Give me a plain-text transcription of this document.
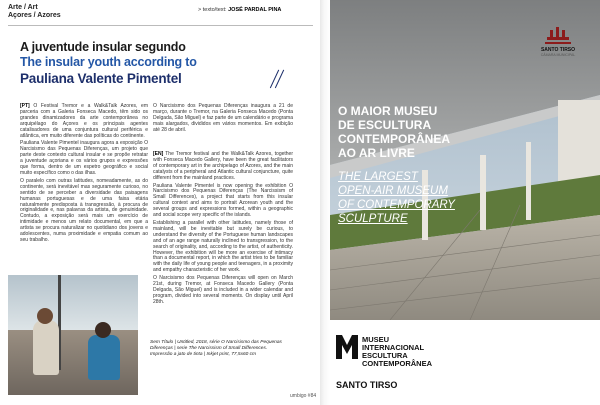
Arte / Art
Açores / Azores
> texto/text: JOSÉ PARDAL PINA
A juventude insular segundo
The insular youth according to
Pauliana Valente Pimentel

[PT] O Festival Tremor e a Walk&Talk Azores, em parceria com a Galeria Fonseca Macedo, têm sido os grandes dinamizadores da arte contemporânea no arquipélago do Açores e os principais agentes catalisadores de uma conjuntura cultural periférica e atlântica, em muito diferente das políticas do continente.

Pauliana Valente Pimentel inaugura agora a exposição O Narcisismo das Pequenas Diferenças, um projeto que parte deste contexto cultural insular e se propõe retratar a juventude açoriana e os vários grupos e expressões que forma, dentro de um espetro geográfico e social muito específico como o das ilhas.

O paralelo com outras latitudes, nomeadamente, as do continente, será inevitável mas seguramente curioso, no sentido de se perceber a diversidade das paisagens humanas portuguesas e de uma faixa etária naturalmente predisposta à transgressão, à procura de originalidade e, nas palavras da artista, de genuinidade. Contudo, a exposição será mais um exercício de intimidade e menos um relato documental, em que a artista se procura naturalizar no quotidiano dos jovens e adolescentes, numa proximidade e empatia comum ao seu trabalho.

O Narcisismo dos Pequenas Diferenças inaugura a 21 de março, durante o Tremor, na Galeria Fonseca Macedo (Ponta Delgada, São Miguel) e faz parte de um calendário e programa mais alargados, divididos em vários momentos. Em exibição até 28 de abril.

[EN] The Tremor festival and the Walk&Talk Azores, together with Fonseca Macedo Gallery, have been the great facilitators of contemporary art in the archipelago of Azores, and the main catalysts of a peripheral and Atlantic cultural conjuncture, quite different from the mainland practices.

Pauliana Valente Pimentel is now opening the exhibition O Narcisismo dos Pequenas Diferenças (The Narcissism of Small Differences), a project that starts from this insular cultural context and aims to portrait Azorean youth and the several groups and expressions formed, within a geographic and social scope very specific of the islands.

Establishing a parallel with other latitudes, namely those of mainland, will be inevitable but surely be curious, to understand the diversity of the Portuguese human landscapes and of an age range naturally inclined to transgression, to the search of originality, and, according to the artist, of authenticity. However, the exhibition will be more an exercise of intimacy than a documental report, in which the artist tries to be familiar with the daily life of young people and teenagers, in a proximity and empathy characteristic of her work.

O Narcisismo dos Pequenas Diferenças will open on March 21st, during Tremor, at Fonseca Macedo Gallery (Ponta Delgada, São Miguel) and is included in a wider calendar and program, divided into several moments. On display until April 28th.

Sem Título | Untitled, 2018, série O Narcisismo das Pequenas Diferenças | serie The Narcissism of Small Differences. Impressão a jato de tinta | Inkjet print, 77,5x60 cm
umbigo #84
SANTO TIRSO
CÂMARA MUNICIPAL
O MAIOR MUSEU
DE ESCULTURA
CONTEMPORÂNEA
AO AR LIVRE
THE LARGEST
OPEN-AIR MUSEUM
OF CONTEMPORARY
SCULPTURE
MUSEU
INTERNACIONAL
ESCULTURA
CONTEMPORÂNEA
SANTO TIRSO
